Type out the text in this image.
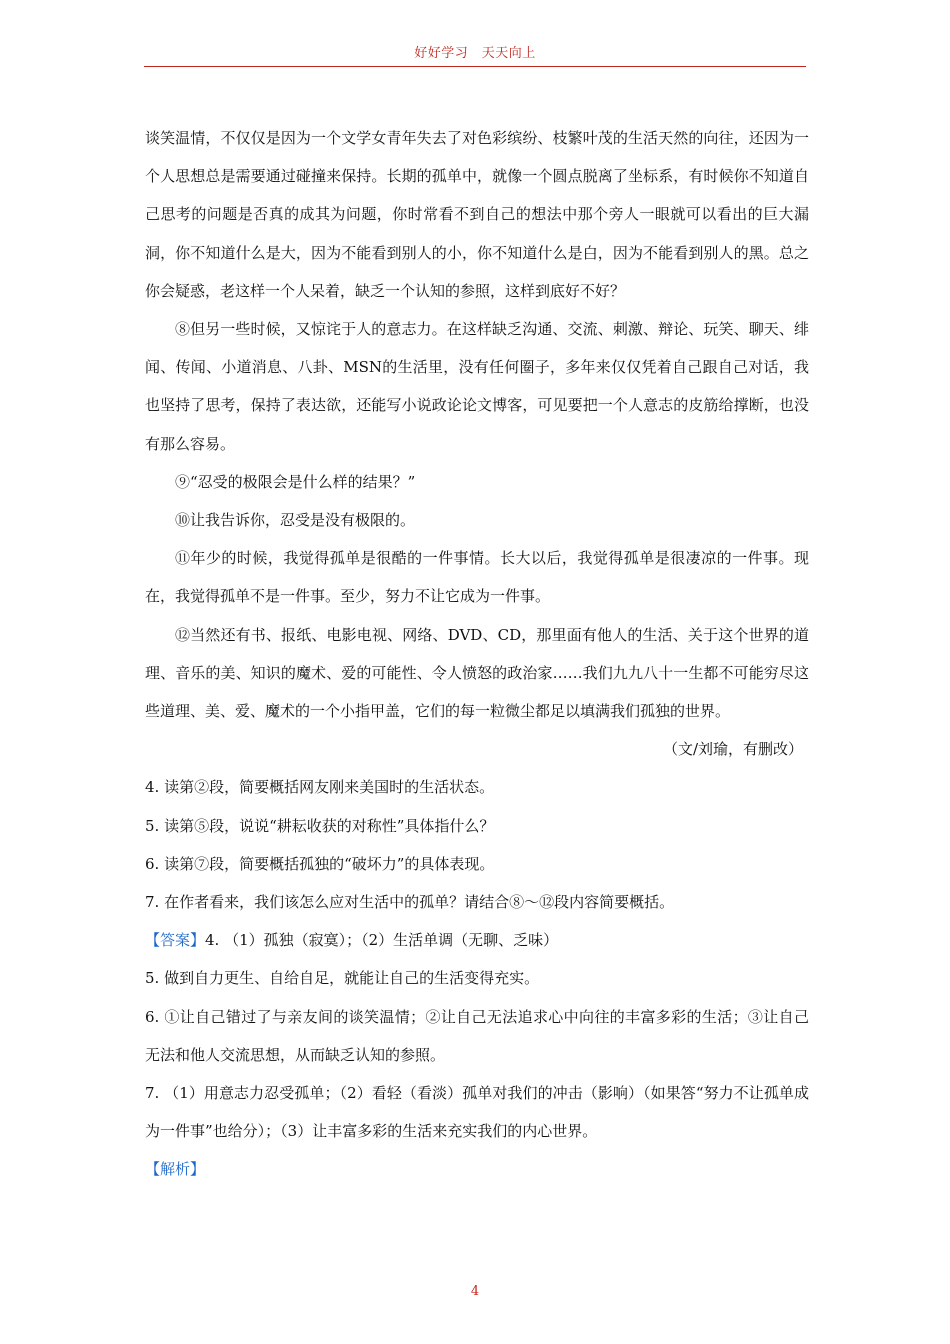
好好学习　天天向上

谈笑温情，不仅仅是因为一个文学女青年失去了对色彩缤纷、枝繁叶茂的生活天然的向往，还因为一个人思想总是需要通过碰撞来保持。长期的孤单中，就像一个圆点脱离了坐标系，有时候你不知道自己思考的问题是否真的成其为问题，你时常看不到自己的想法中那个旁人一眼就可以看出的巨大漏洞，你不知道什么是大，因为不能看到别人的小，你不知道什么是白，因为不能看到别人的黑。总之你会疑惑，老这样一个人呆着，缺乏一个认知的参照，这样到底好不好？

⑧但另一些时候，又惊诧于人的意志力。在这样缺乏沟通、交流、刺激、辩论、玩笑、聊天、绯闻、传闻、小道消息、八卦、MSN的生活里，没有任何圈子，多年来仅仅凭着自己跟自己对话，我也坚持了思考，保持了表达欲，还能写小说政论论文博客，可见要把一个人意志的皮筋给撑断，也没有那么容易。

⑨“忍受的极限会是什么样的结果？”

⑩让我告诉你，忍受是没有极限的。

⑪年少的时候，我觉得孤单是很酷的一件事情。长大以后，我觉得孤单是很凄凉的一件事。现在，我觉得孤单不是一件事。至少，努力不让它成为一件事。

⑫当然还有书、报纸、电影电视、网络、DVD、CD，那里面有他人的生活、关于这个世界的道理、音乐的美、知识的魔术、爱的可能性、令人愤怒的政治家……我们九九八十一生都不可能穷尽这些道理、美、爱、魔术的一个小指甲盖，它们的每一粒微尘都足以填满我们孤独的世界。

（文/刘瑜，有删改）

4. 读第②段，简要概括网友刚来美国时的生活状态。

5. 读第⑤段，说说“耕耘收获的对称性”具体指什么？

6. 读第⑦段，简要概括孤独的“破坏力”的具体表现。

7. 在作者看来，我们该怎么应对生活中的孤单？请结合⑧～⑫段内容简要概括。

【答案】4. （1）孤独（寂寞）；（2）生活单调（无聊、乏味）

5. 做到自力更生、自给自足，就能让自己的生活变得充实。

6. ①让自己错过了与亲友间的谈笑温情；②让自己无法追求心中向往的丰富多彩的生活；③让自己无法和他人交流思想，从而缺乏认知的参照。

7. （1）用意志力忍受孤单；（2）看轻（看淡）孤单对我们的冲击（影响）（如果答“努力不让孤单成为一件事”也给分）；（3）让丰富多彩的生活来充实我们的内心世界。

【解析】

4
